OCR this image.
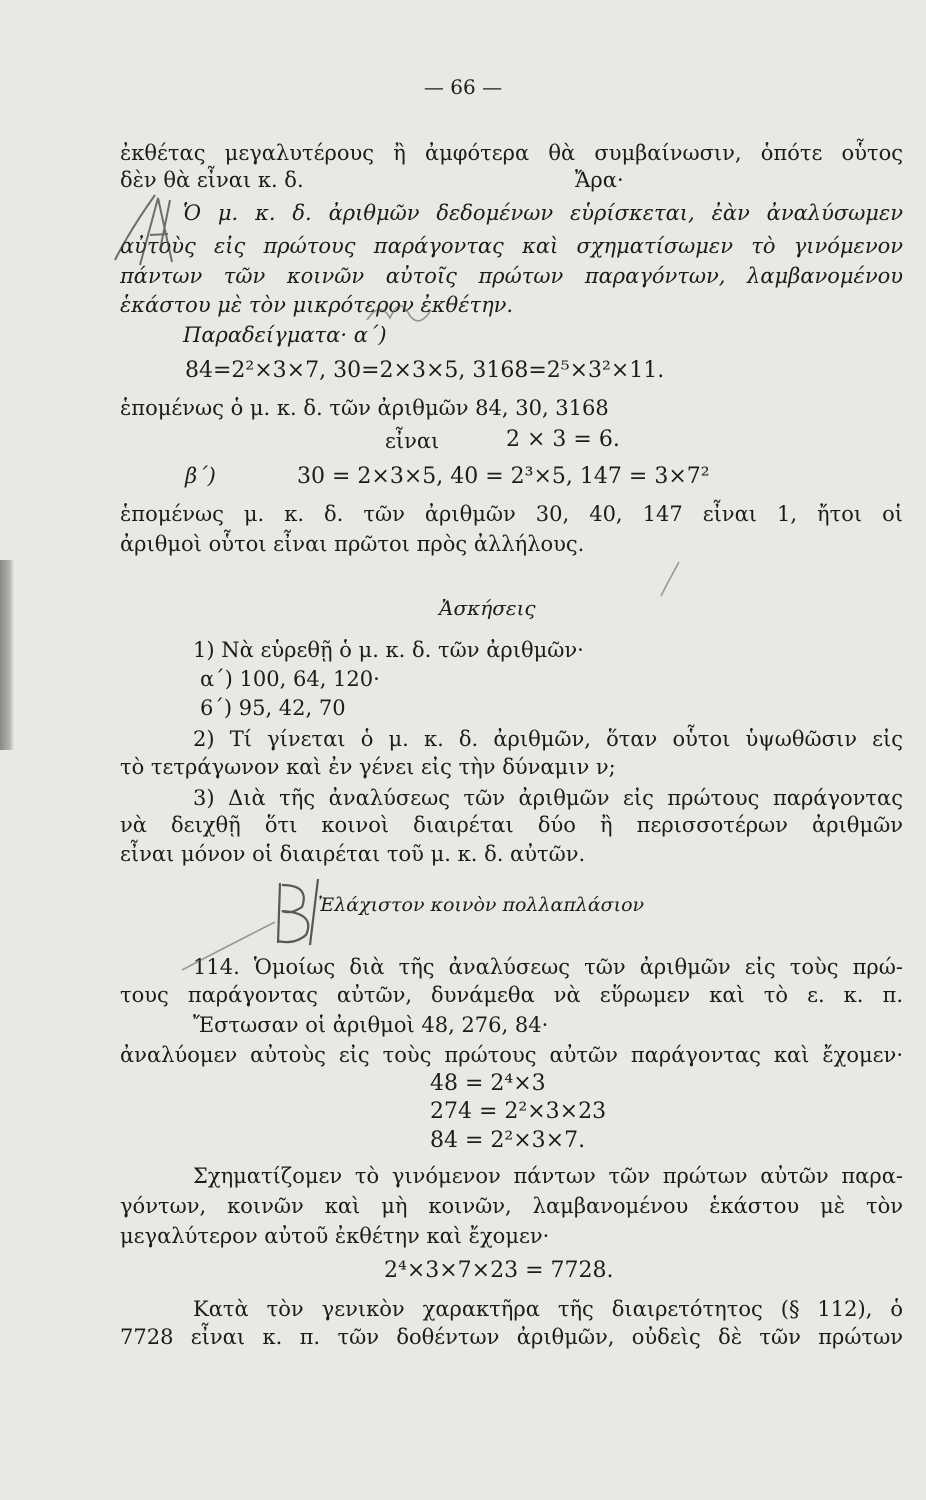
— 66 —
ἐκθέτας μεγαλυτέρους ἢ ἀμφότερα θὰ συμβαίνωσιν, ὁπότε οὗτος
δὲν θὰ εἶναι κ. δ.	Ἄρα·
Ὁ μ. κ. δ. ἀριθμῶν δεδομένων εὑρίσκεται, ἐὰν ἀναλύσωμεν
αὐτοὺς εἰς πρώτους παράγοντας καὶ σχηματίσωμεν τὸ γινόμενον
πάντων τῶν κοινῶν αὐτοῖς πρώτων παραγόντων, λαμβανομένου
ἑκάστου μὲ τὸν μικρότερον ἐκθέτην.
Παραδείγματα· α΄)
84=2²×3×7, 30=2×3×5, 3168=2⁵×3²×11.
ἑπομένως ὁ μ. κ. δ. τῶν ἀριθμῶν 84, 30, 3168
εἶναι	2 × 3 = 6.
β΄)	30 = 2×3×5, 40 = 2³×5, 147 = 3×7²
ἑπομένως μ. κ. δ. τῶν ἀριθμῶν 30, 40, 147 εἶναι 1, ἤτοι οἱ
ἀριθμοὶ οὗτοι εἶναι πρῶτοι πρὸς ἀλλήλους.
Ἀσκήσεις
1) Νὰ εὑρεθῇ ὁ μ. κ. δ. τῶν ἀριθμῶν·
α΄) 100, 64, 120·
6΄) 95, 42, 70
2) Τί γίνεται ὁ μ. κ. δ. ἀριθμῶν, ὅταν οὗτοι ὑψωθῶσιν εἰς
τὸ τετράγωνον καὶ ἐν γένει εἰς τὴν δύναμιν ν;
3) Διὰ τῆς ἀναλύσεως τῶν ἀριθμῶν εἰς πρώτους παράγοντας
νὰ δειχθῇ ὅτι κοινοὶ διαιρέται δύο ἢ περισσοτέρων ἀριθμῶν
εἶναι μόνον οἱ διαιρέται τοῦ μ. κ. δ. αὐτῶν.
Ἐλάχιστον κοινὸν πολλαπλάσιον
114. Ὁμοίως διὰ τῆς ἀναλύσεως τῶν ἀριθμῶν εἰς τοὺς πρώ-
τους παράγοντας αὐτῶν, δυνάμεθα νὰ εὕρωμεν καὶ τὸ ε. κ. π.
Ἔστωσαν οἱ ἀριθμοὶ 48, 276, 84·
ἀναλύομεν αὐτοὺς εἰς τοὺς πρώτους αὐτῶν παράγοντας καὶ ἔχομεν·
48 = 2⁴×3
274 = 2²×3×23
84 = 2²×3×7.
Σχηματίζομεν τὸ γινόμενον πάντων τῶν πρώτων αὐτῶν παρα-
γόντων, κοινῶν καὶ μὴ κοινῶν, λαμβανομένου ἑκάστου μὲ τὸν
μεγαλύτερον αὐτοῦ ἐκθέτην καὶ ἔχομεν·
2⁴×3×7×23 = 7728.
Κατὰ τὸν γενικὸν χαρακτῆρα τῆς διαιρετότητος (§ 112), ὁ
7728 εἶναι κ. π. τῶν δοθέντων ἀριθμῶν, οὐδεὶς δὲ τῶν πρώτων
